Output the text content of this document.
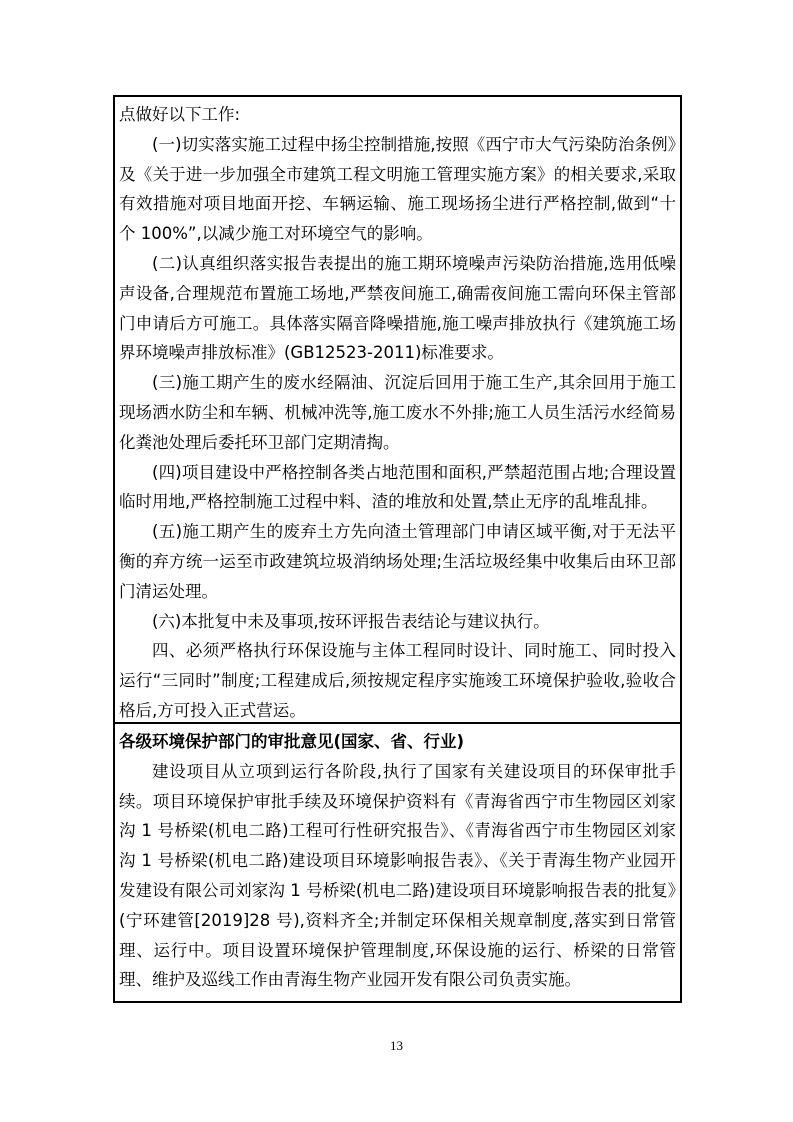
点做好以下工作:

(一)切实落实施工过程中扬尘控制措施,按照《西宁市大气污染防治条例》及《关于进一步加强全市建筑工程文明施工管理实施方案》的相关要求,采取有效措施对项目地面开挖、车辆运输、施工现场扬尘进行严格控制,做到“十个 100%”,以减少施工对环境空气的影响。

(二)认真组织落实报告表提出的施工期环境噪声污染防治措施,选用低噪声设备,合理规范布置施工场地,严禁夜间施工,确需夜间施工需向环保主管部门申请后方可施工。具体落实隔音降噪措施,施工噪声排放执行《建筑施工场界环境噪声排放标准》(GB12523-2011)标准要求。

(三)施工期产生的废水经隔油、沉淀后回用于施工生产,其余回用于施工现场洒水防尘和车辆、机械冲洗等,施工废水不外排;施工人员生活污水经简易化粪池处理后委托环卫部门定期清掏。

(四)项目建设中严格控制各类占地范围和面积,严禁超范围占地;合理设置临时用地,严格控制施工过程中料、渣的堆放和处置,禁止无序的乱堆乱排。

(五)施工期产生的废弃土方先向渣土管理部门申请区域平衡,对于无法平衡的弃方统一运至市政建筑垃圾消纳场处理;生活垃圾经集中收集后由环卫部门清运处理。

(六)本批复中未及事项,按环评报告表结论与建议执行。

四、必须严格执行环保设施与主体工程同时设计、同时施工、同时投入运行“三同时”制度;工程建成后,须按规定程序实施竣工环境保护验收,验收合格后,方可投入正式营运。

各级环境保护部门的审批意见(国家、省、行业)

建设项目从立项到运行各阶段,执行了国家有关建设项目的环保审批手续。项目环境保护审批手续及环境保护资料有《青海省西宁市生物园区刘家沟 1 号桥梁(机电二路)工程可行性研究报告》、《青海省西宁市生物园区刘家沟 1 号桥梁(机电二路)建设项目环境影响报告表》、《关于青海生物产业园开发建设有限公司刘家沟 1 号桥梁(机电二路)建设项目环境影响报告表的批复》(宁环建管[2019]28 号),资料齐全;并制定环保相关规章制度,落实到日常管理、运行中。项目设置环境保护管理制度,环保设施的运行、桥梁的日常管理、维护及巡线工作由青海生物产业园开发有限公司负责实施。

13
